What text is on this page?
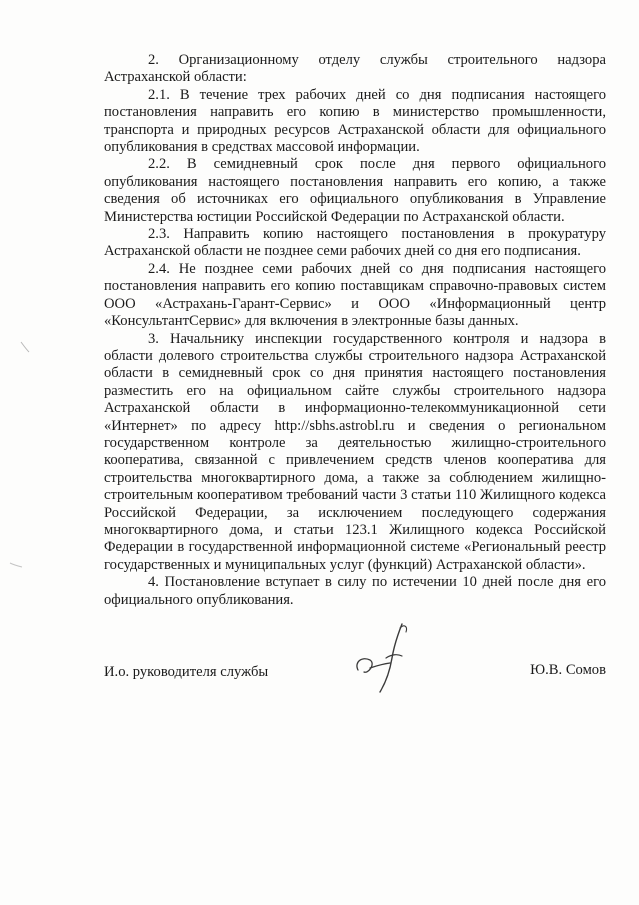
2. Организационному отделу службы строительного надзора Астраханской области:

2.1. В течение трех рабочих дней со дня подписания настоящего постановления направить его копию в министерство промышленности, транспорта и природных ресурсов Астраханской области для официального опубликования в средствах массовой информации.

2.2. В семидневный срок после дня первого официального опубликования настоящего постановления направить его копию, а также сведения об источниках его официального опубликования в Управление Министерства юстиции Российской Федерации по Астраханской области.

2.3. Направить копию настоящего постановления в прокуратуру Астраханской области не позднее семи рабочих дней со дня его подписания.

2.4. Не позднее семи рабочих дней со дня подписания настоящего постановления направить его копию поставщикам справочно-правовых систем ООО «Астрахань-Гарант-Сервис» и ООО «Информационный центр «КонсультантСервис» для включения в электронные базы данных.

3. Начальнику инспекции государственного контроля и надзора в области долевого строительства службы строительного надзора Астраханской области в семидневный срок со дня принятия настоящего постановления разместить его на официальном сайте службы строительного надзора Астраханской области в информационно-телекоммуникационной сети «Интернет» по адресу http://sbhs.astrobl.ru и сведения о региональном государственном контроле за деятельностью жилищно-строительного кооператива, связанной с привлечением средств членов кооператива для строительства многоквартирного дома, а также за соблюдением жилищно-строительным кооперативом требований части 3 статьи 110 Жилищного кодекса Российской Федерации, за исключением последующего содержания многоквартирного дома, и статьи 123.1 Жилищного кодекса Российской Федерации в государственной информационной системе «Региональный реестр государственных и муниципальных услуг (функций) Астраханской области».

4. Постановление вступает в силу по истечении 10 дней после дня его официального опубликования.

И.о. руководителя службы	Ю.В. Сомов
